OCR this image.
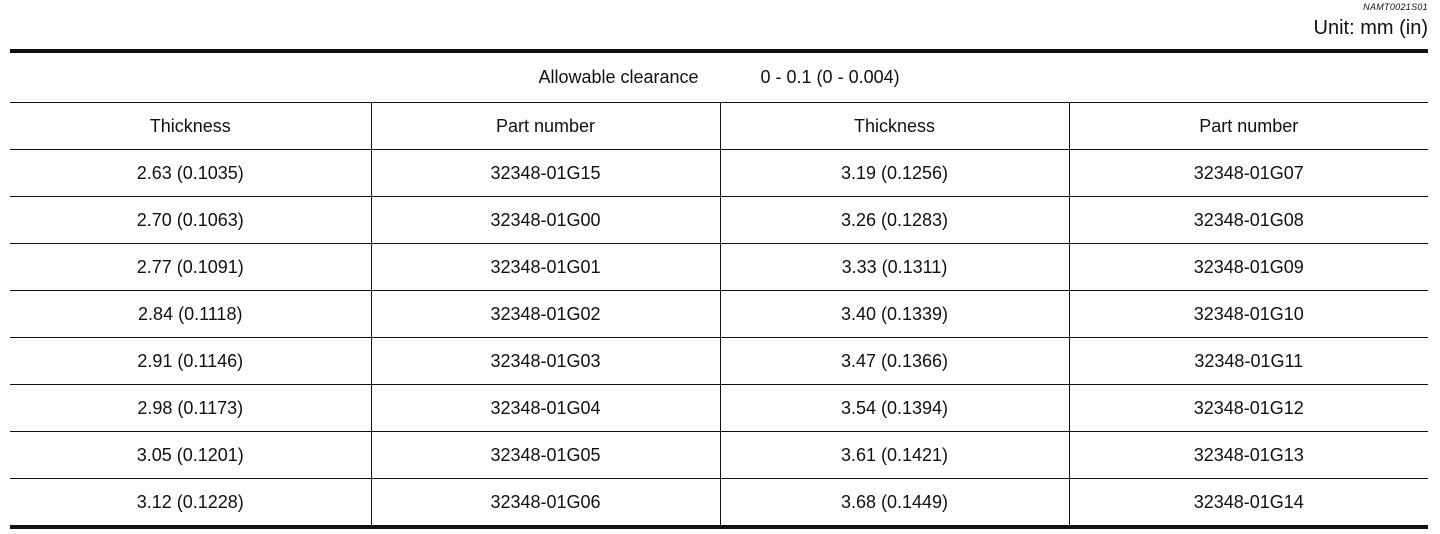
NAMT0021S01
Unit: mm (in)
Allowable clearance 0 - 0.1 (0 - 0.004)			
Thickness	Part number	Thickness	Part number
2.63 (0.1035)	32348-01G15	3.19 (0.1256)	32348-01G07
2.70 (0.1063)	32348-01G00	3.26 (0.1283)	32348-01G08
2.77 (0.1091)	32348-01G01	3.33 (0.1311)	32348-01G09
2.84 (0.1118)	32348-01G02	3.40 (0.1339)	32348-01G10
2.91 (0.1146)	32348-01G03	3.47 (0.1366)	32348-01G11
2.98 (0.1173)	32348-01G04	3.54 (0.1394)	32348-01G12
3.05 (0.1201)	32348-01G05	3.61 (0.1421)	32348-01G13
3.12 (0.1228)	32348-01G06	3.68 (0.1449)	32348-01G14
